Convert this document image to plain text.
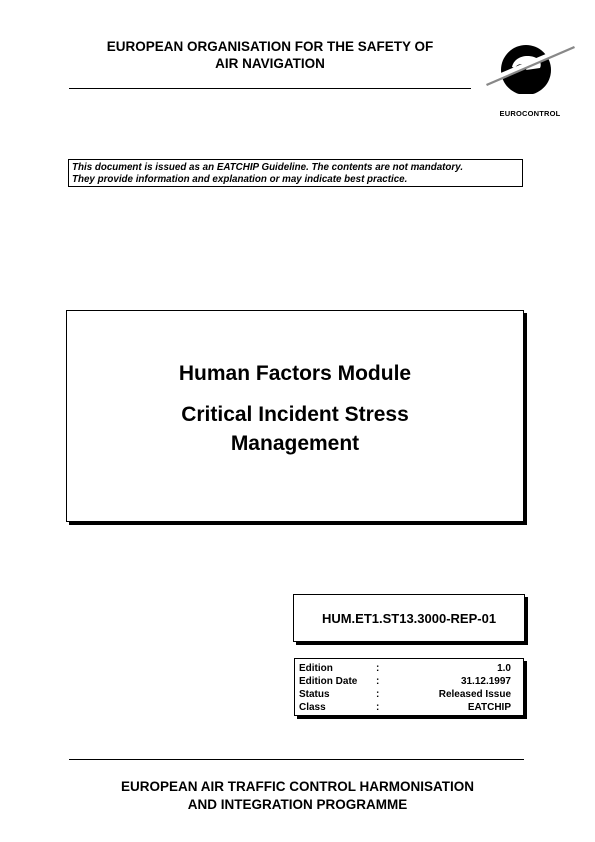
EUROPEAN ORGANISATION FOR THE SAFETY OF
AIR NAVIGATION
EUROCONTROL
This document is issued as an EATCHIP Guideline. The contents are not mandatory.
They provide information and explanation or may indicate best practice.
Human Factors Module
Critical Incident Stress
Management
HUM.ET1.ST13.3000-REP-01
Edition	:	1.0
Edition Date :	31.12.1997
Status	:	Released Issue
Class	:	EATCHIP
EUROPEAN AIR TRAFFIC CONTROL HARMONISATION
AND INTEGRATION PROGRAMME
